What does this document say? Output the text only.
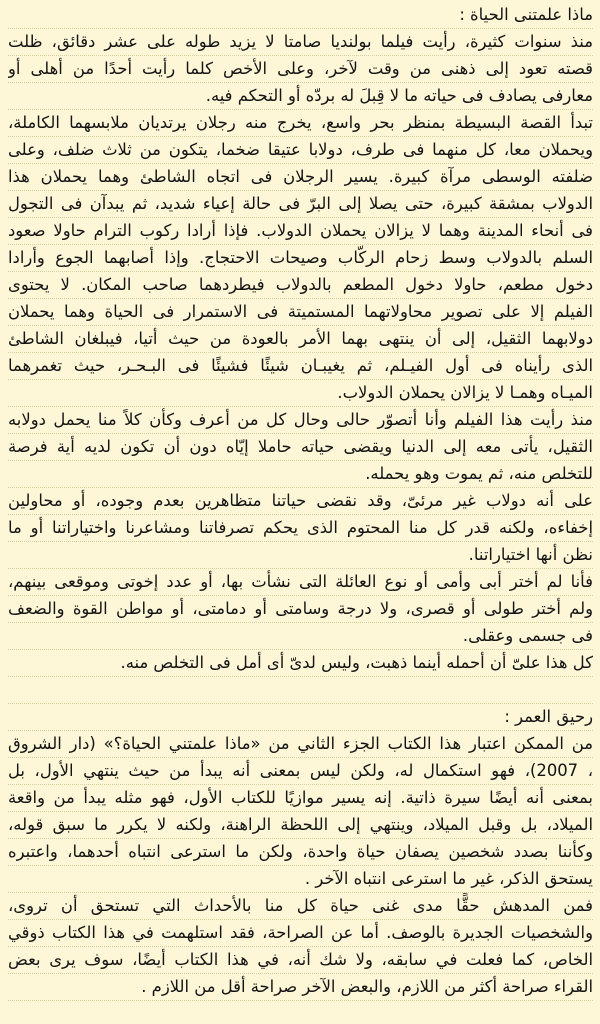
ماذا علمتنى الحياة :
منذ سنوات كثيرة، رأيت فيلما بولنديا صامتا لا يزيد طوله على عشر دقائق، ظلت
قصته تعود إلى ذهنى من وقت لآخر، وعلى الأخص كلما رأيت أحدًا من أهلى أو
معارفى يصادف فى حياته ما لا قِبلَ له بردّه أو التحكم فيه.
تبدأ القصة البسيطة بمنظر بحر واسع، يخرج منه رجلان يرتديان ملابسهما الكاملة،
ويحملان معا، كل منهما فى طرف، دولابا عتيقا ضخما، يتكون من ثلاث ضلف، وعلى
ضلفته الوسطى مرآة كبيرة. يسير الرجلان فى اتجاه الشاطئ وهما يحملان هذا
الدولاب بمشقة كبيرة، حتى يصلا إلى البرّ فى حالة إعياء شديد، ثم يبدآن فى التجول
فى أنحاء المدينة وهما لا يزالان يحملان الدولاب. فإذا أرادا ركوب الترام حاولا صعود
السلم بالدولاب وسط زحام الركّاب وصيحات الاحتجاج. وإذا أصابهما الجوع وأرادا
دخول مطعم، حاولا دخول المطعم بالدولاب فيطردهما صاحب المكان. لا يحتوى
الفيلم إلا على تصوير محاولاتهما المستميتة فى الاستمرار فى الحياة وهما يحملان
دولابهما الثقيل، إلى أن ينتهى بهما الأمر بالعودة من حيث أتيا، فيبلغان الشاطئ
الذى رأيناه فى أول الفيـلم، ثم يغيبـان شيئًا فشيئًا فى البـحـر، حيث تغمرهما
الميـاه وهمـا لا يزالان يحملان الدولاب.
منذ رأيت هذا الفيلم وأنا أتصوّر حالى وحال كل من أعرف وكأن كلاً منا يحمل دولابه
الثقيل، يأتى معه إلى الدنيا ويقضى حياته حاملا إيّاه دون أن تكون لديه أية فرصة
للتخلص منه، ثم يموت وهو يحمله.
على أنه دولاب غير مرئىّ، وقد نقضى حياتنا متظاهرين بعدم وجوده، أو محاولين
إخفاءه، ولكنه قدر كل منا المحتوم الذى يحكم تصرفاتنا ومشاعرنا واختياراتنا أو ما
نظن أنها اختياراتنا.
فأنا لم أختر أبى وأمى أو نوع العائلة التى نشأت بها، أو عدد إخوتى وموقعى بينهم،
ولم أختر طولى أو قصرى، ولا درجة وسامتى أو دمامتى، أو مواطن القوة والضعف
فى جسمى وعقلى.
كل هذا علىّ أن أحمله أينما ذهبت، وليس لدىّ أى أمل فى التخلص منه.
رحيق العمر :
من الممكن اعتبار هذا الكتاب الجزء الثاني من «ماذا علمتني الحياة؟» (دار الشروق
، 2007)، فهو استكمال له، ولكن ليس بمعنى أنه يبدأ من حيث ينتهي الأول، بل
بمعنى أنه أيضًا سيرة ذاتية. إنه يسير موازيًا للكتاب الأول، فهو مثله يبدأ من واقعة
الميلاد، بل وقبل الميلاد، وينتهي إلى اللحظة الراهنة، ولكنه لا يكرر ما سبق قوله،
وكأننا بصدد شخصين يصفان حياة واحدة، ولكن ما استرعى انتباه أحدهما، واعتبره
يستحق الذكر، غير ما استرعى انتباه الآخر .
فمن المدهش حقًّا مدى غنى حياة كل منا بالأحداث التي تستحق أن تروى،
والشخصيات الجديرة بالوصف. أما عن الصراحة، فقد استلهمت في هذا الكتاب ذوقي
الخاص، كما فعلت في سابقه، ولا شك أنه، في هذا الكتاب أيضًا، سوف يرى بعض
القراء صراحة أكثر من اللازم، والبعض الآخر صراحة أقل من اللازم .
